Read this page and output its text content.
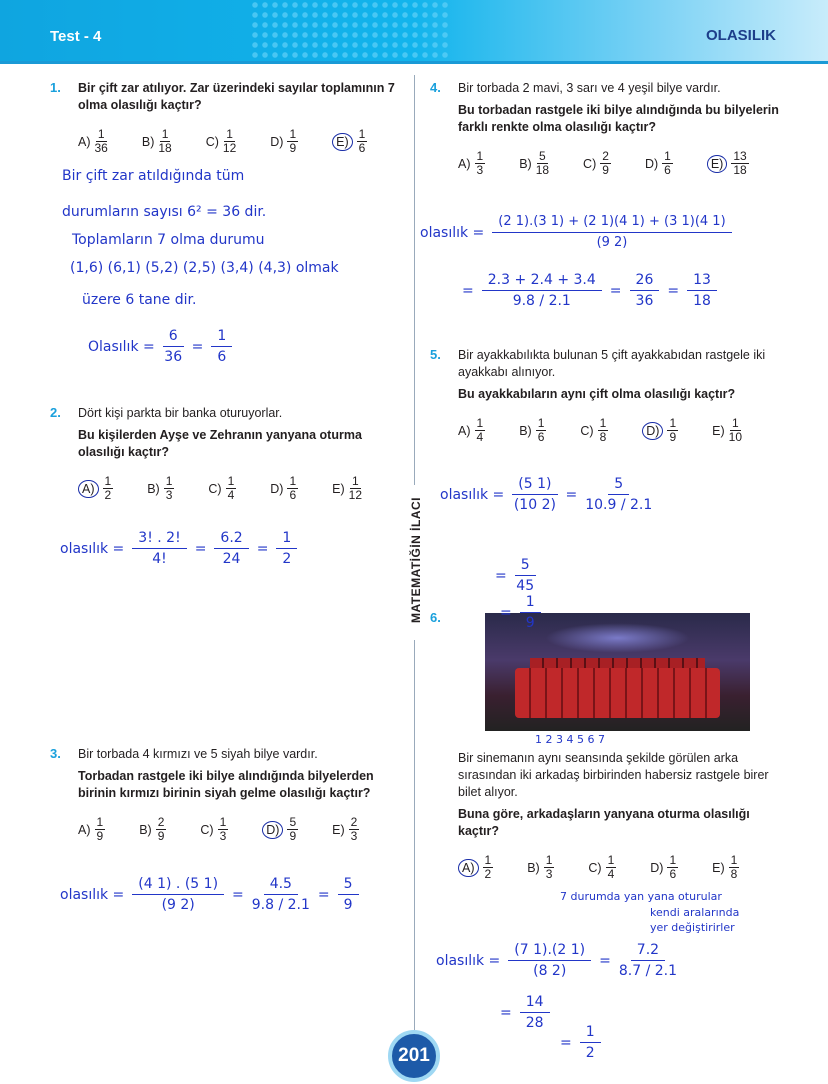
Test - 4	OLASILIK
MATEMATİĞİN İLACI
1. Bir çift zar atılıyor. Zar üzerindeki sayılar toplamının 7 olma olasılığı kaçtır?
$A) \frac{1}{36}$	$B) \frac{1}{18}$	$C) \frac{1}{12}$	$D) \frac{1}{9}$	$E) \frac{1}{6}$
2. Dört kişi parkta bir banka oturuyorlar.
Bu kişilerden Ayşe ve Zehranın yanyana oturma olasılığı kaçtır?
$A) \frac{1}{2}$	$B) \frac{1}{3}$	$C) \frac{1}{4}$	$D) \frac{1}{6}$	$E) \frac{1}{12}$
3. Bir torbada 4 kırmızı ve 5 siyah bilye vardır.
Torbadan rastgele iki bilye alındığında bilyelerden birinin kırmızı birinin siyah gelme olasılığı kaçtır?
$A) \frac{1}{9}$	$B) \frac{2}{9}$	$C) \frac{1}{3}$	$D) \frac{5}{9}$	$E) \frac{2}{3}$
4. Bir torbada 2 mavi, 3 sarı ve 4 yeşil bilye vardır.
Bu torbadan rastgele iki bilye alındığında bu bilyelerin farklı renkte olma olasılığı kaçtır?
$A) \frac{1}{3}$	$B) \frac{5}{18}$	$C) \frac{2}{9}$	$D) \frac{1}{6}$	$E) \frac{13}{18}$
5. Bir ayakkabılıkta bulunan 5 çift ayakkabıdan rastgele iki ayakkabı alınıyor.
Bu ayakkabıların aynı çift olma olasılığı kaçtır?
$A) \frac{1}{4}$	$B) \frac{1}{6}$	$C) \frac{1}{8}$	$D) \frac{1}{9}$	$E) \frac{1}{10}$
6.
Bir sinemanın aynı seansında şekilde görülen arka sırasından iki arkadaş birbirinden habersiz rastgele birer bilet alıyor.
Buna göre, arkadaşların yanyana oturma olasılığı kaçtır?
$A) \frac{1}{2}$	$B) \frac{1}{3}$	$C) \frac{1}{4}$	$D) \frac{1}{6}$	$E) \frac{1}{8}$
Bir çift zar atıldığında tüm
durumların sayısı 6² = 36 dir.
Toplamların 7 olma durumu
(1,6) (6,1) (5,2) (2,5) (3,4) (4,3) olmak
üzere 6 tane dir.
Olasılık = $\frac{6}{36} = \frac{1}{6}$
olasılık = $\frac{3! . 2!}{4!} = \frac{6.2}{24} = \frac{1}{2}$
olasılık = $\frac{(4 1) . (5 1)}{(9 2)} = \frac{4.5}{9.8 / 2.1} = \frac{5}{9}$
olasılık = $\frac{(2 1).(3 1) + (2 1)(4 1) + (3 1)(4 1)}{(9 2)}$
= $\frac{2.3 + 2.4 + 3.4}{9.8 / 2.1} = \frac{26}{36} = \frac{13}{18}$
olasılık = $\frac{(5 1)}{(10 2)} = \frac{5}{10.9 / 2.1}$
= $\frac{5}{45}$
= $\frac{1}{9}$
1 2 3 4 5 6 7
7 durumda yan yana oturular
kendi aralarında
yer değiştirirler
olasılık = $\frac{(7 1).(2 1)}{(8 2)} = \frac{7.2}{8.7 / 2.1}$
= $\frac{14}{28}$
= $\frac{1}{2}$
201
